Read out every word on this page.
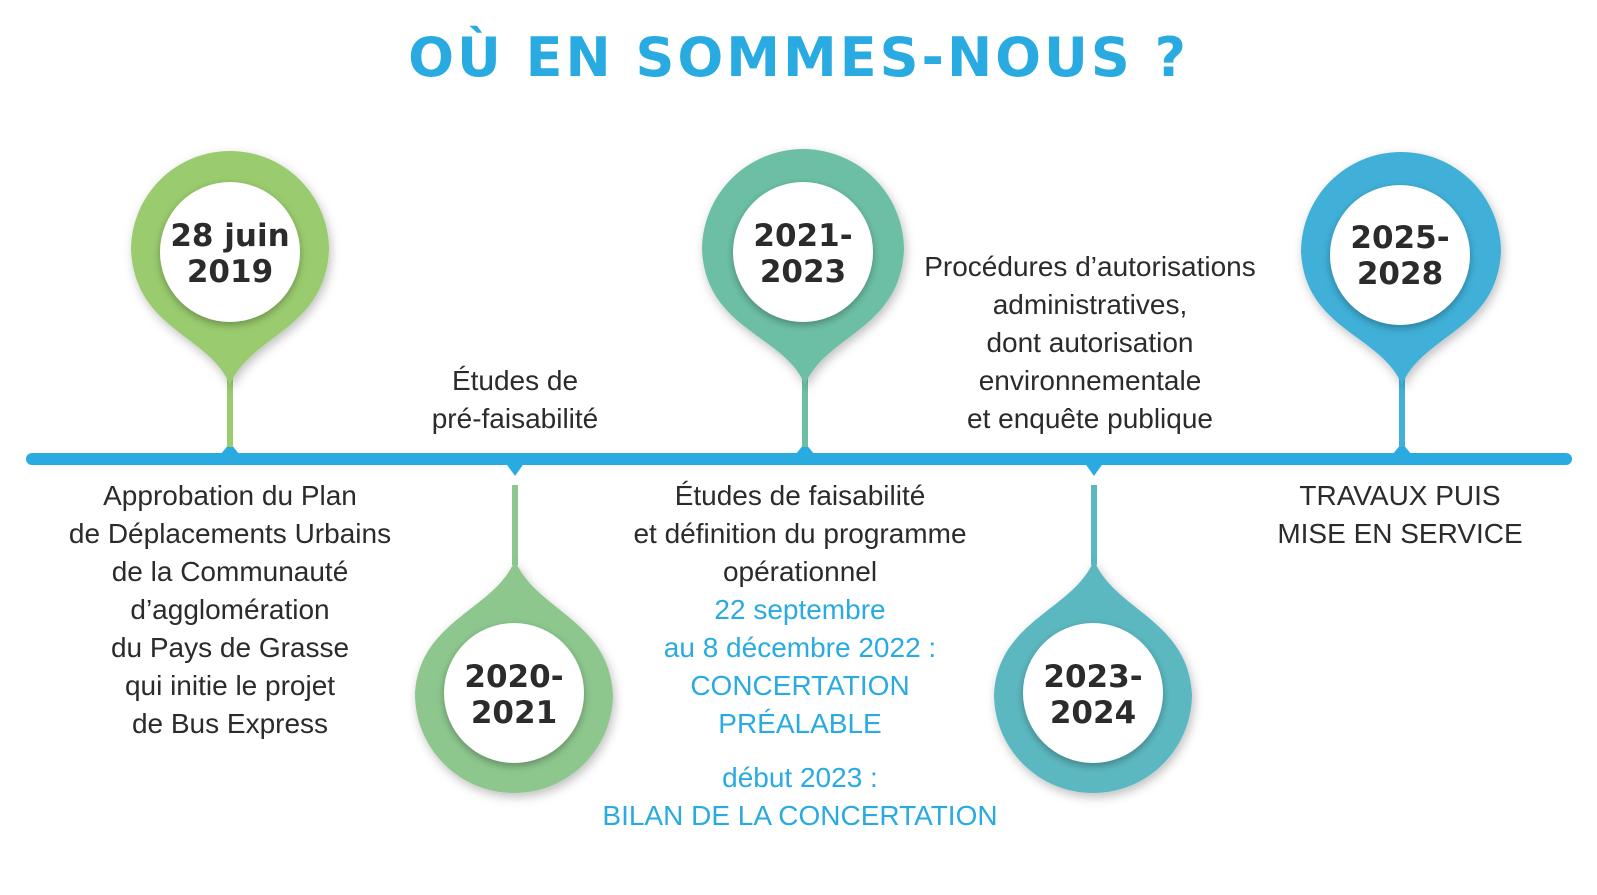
OÙ EN SOMMES-NOUS ?
28 juin
2019
2020-
2021
2021-
2023
2023-
2024
2025-
2028
Approbation du Plan
de Déplacements Urbains
de la Communauté
d’agglomération
du Pays de Grasse
qui initie le projet
de Bus Express
Études de
pré-faisabilité
Études de faisabilité
et définition du programme
opérationnel
22 septembre
au 8 décembre 2022 :
CONCERTATION
PRÉALABLE
début 2023 :
BILAN DE LA CONCERTATION
Procédures d’autorisations
administratives,
dont autorisation
environnementale
et enquête publique
TRAVAUX PUIS
MISE EN SERVICE
